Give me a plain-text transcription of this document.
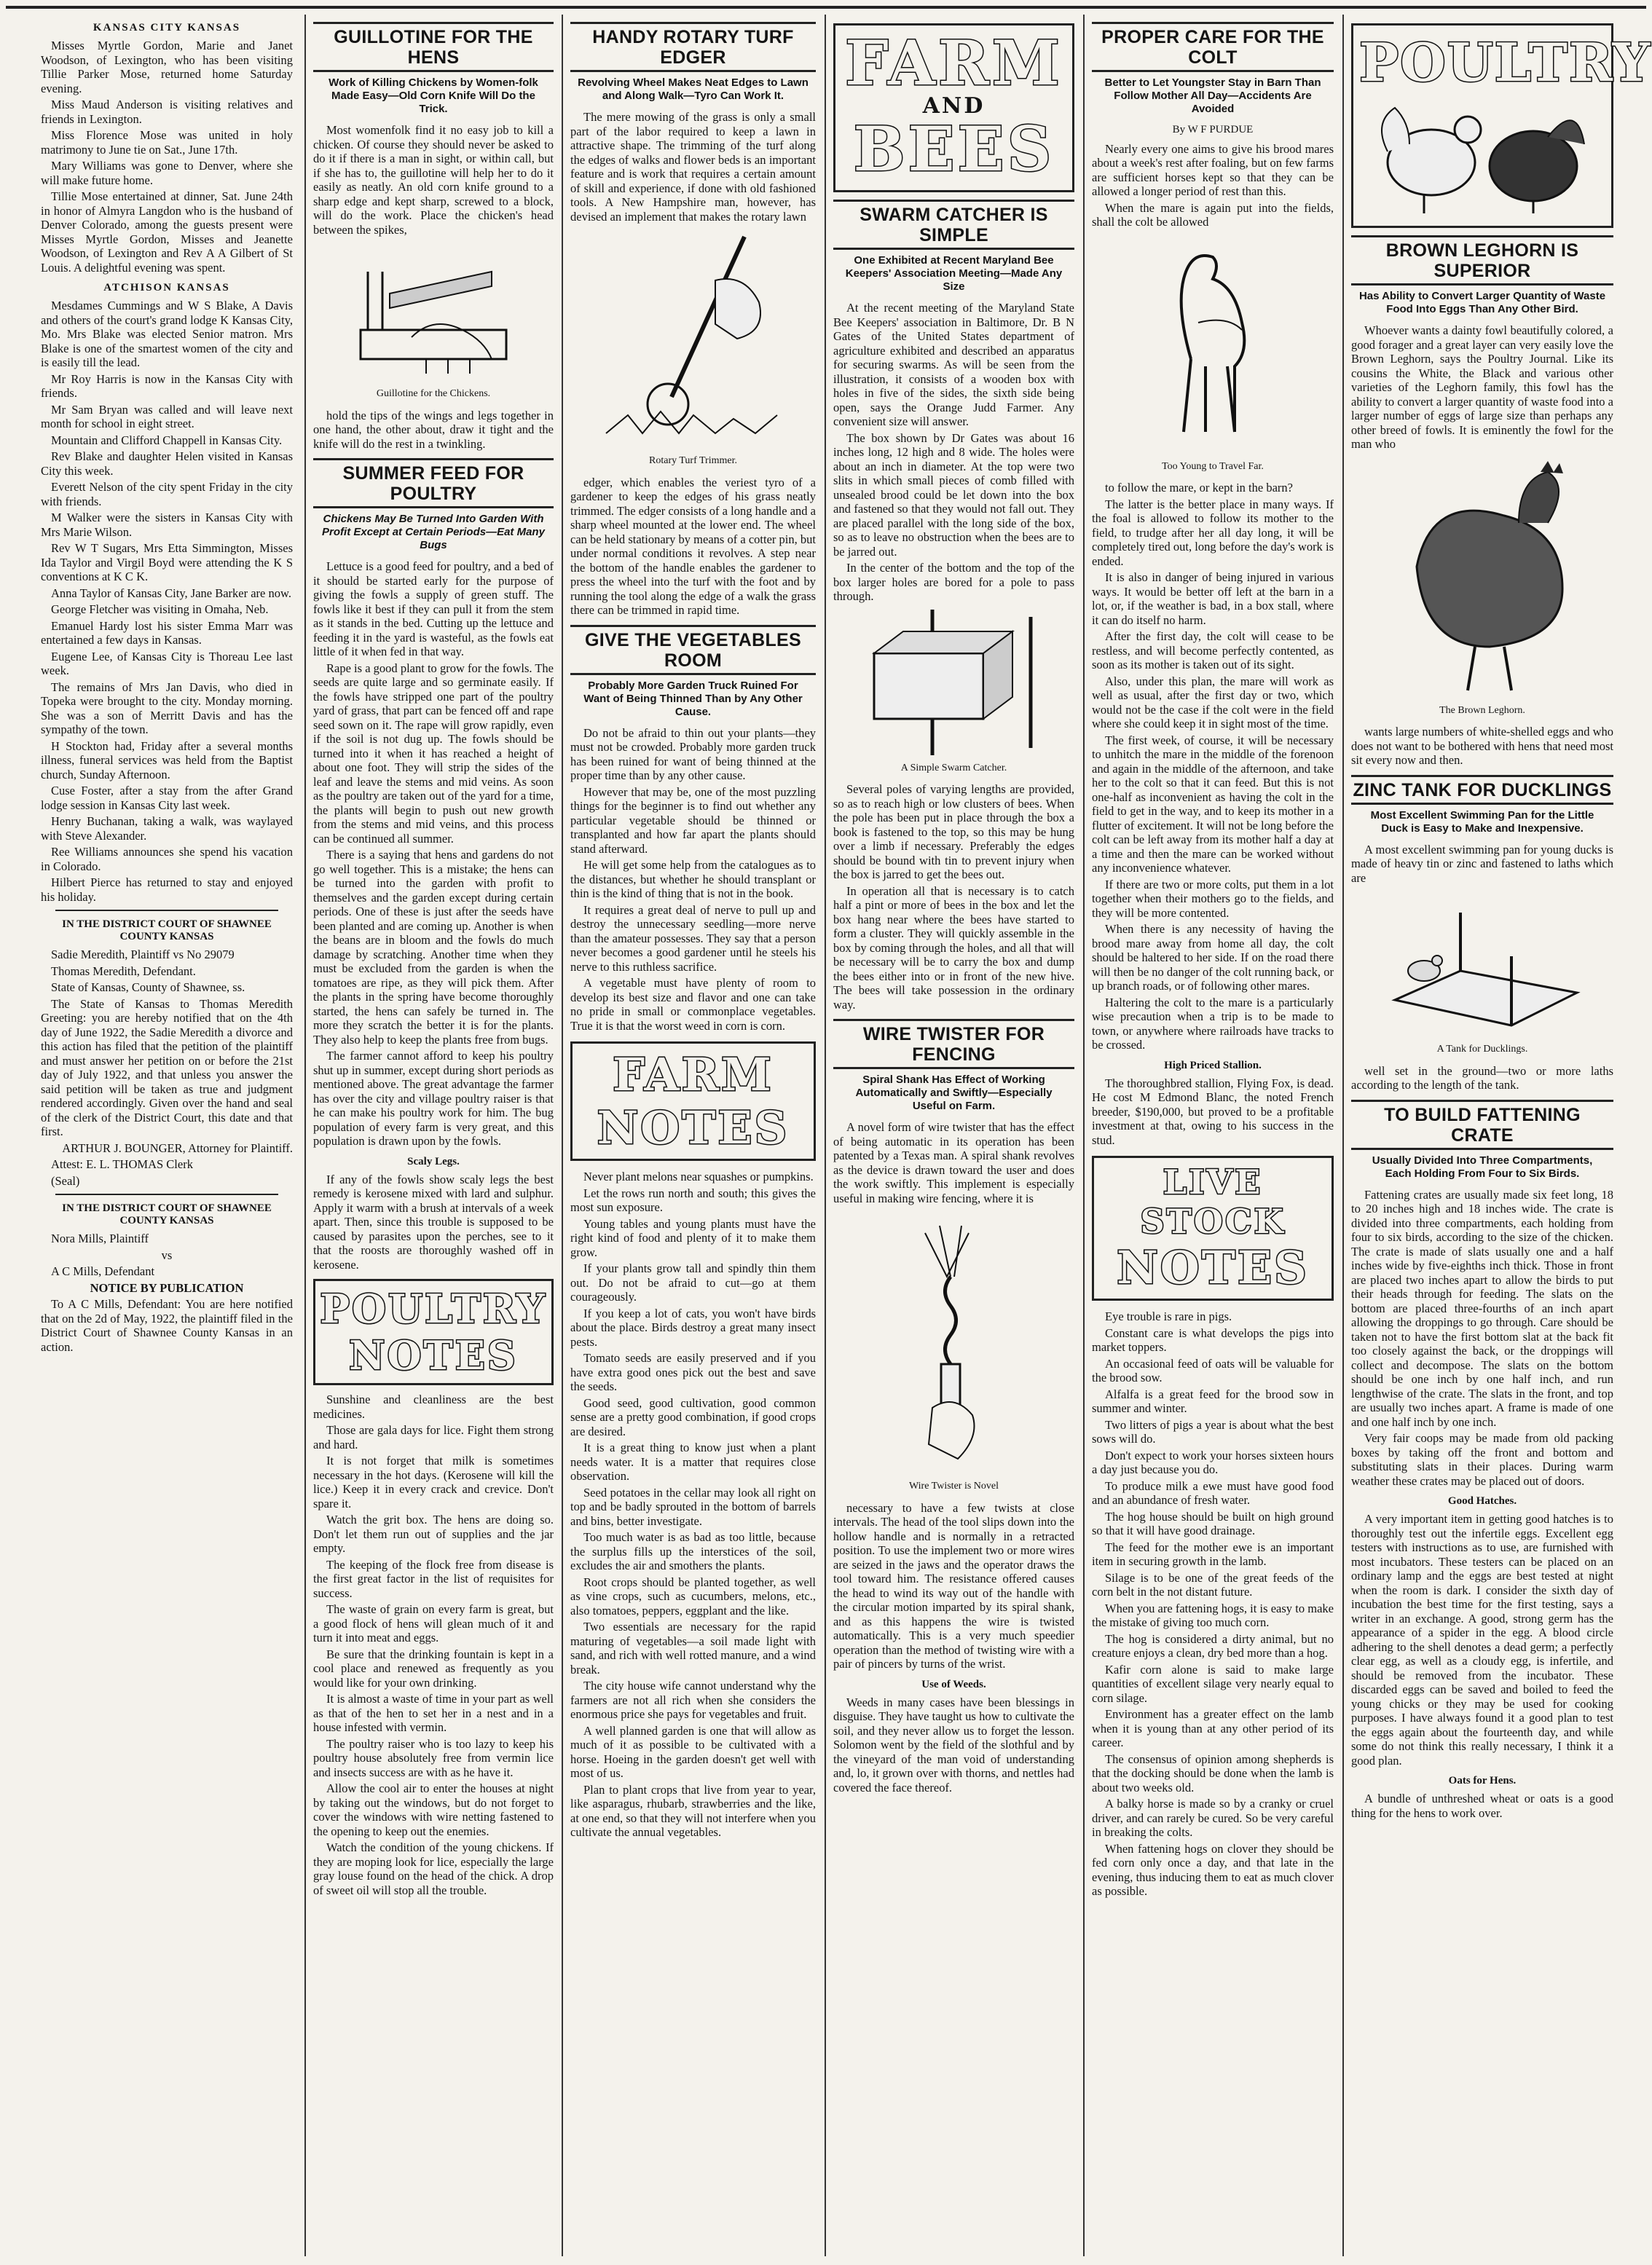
KANSAS CITY KANSAS

Misses Myrtle Gordon, Marie and Janet Woodson, of Lexington, who has been visiting Tillie Parker Mose, returned home Saturday evening.

Miss Maud Anderson is visiting relatives and friends in Lexington.

Miss Florence Mose was united in holy matrimony to June tie on Sat., June 17th.

Mary Williams was gone to Denver, where she will make future home.

Tillie Mose entertained at dinner, Sat. June 24th in honor of Almyra Langdon who is the husband of Denver Colorado, among the guests present were Misses Myrtle Gordon, Misses and Jeanette Woodson, of Lexington and Rev A A Gilbert of St Louis. A delightful evening was spent.

ATCHISON KANSAS

Mesdames Cummings and W S Blake, A Davis and others of the court's grand lodge K Kansas City, Mo. Mrs Blake was elected Senior matron. Mrs Blake is one of the smartest women of the city and is easily till the lead.

Mr Roy Harris is now in the Kansas City with friends.

Mr Sam Bryan was called and will leave next month for school in eight street.

Mountain and Clifford Chappell in Kansas City.

Rev Blake and daughter Helen visited in Kansas City this week.

Everett Nelson of the city spent Friday in the city with friends.

M Walker were the sisters in Kansas City with Mrs Marie Wilson.

Rev W T Sugars, Mrs Etta Simmington, Misses Ida Taylor and Virgil Boyd were attending the K S conventions at K C K.

Anna Taylor of Kansas City, Jane Barker are now.

George Fletcher was visiting in Omaha, Neb.

Emanuel Hardy lost his sister Emma Marr was entertained a few days in Kansas.

Eugene Lee, of Kansas City is Thoreau Lee last week.

The remains of Mrs Jan Davis, who died in Topeka were brought to the city. Monday morning. She was a son of Merritt Davis and has the sympathy of the town.

H Stockton had, Friday after a several months illness, funeral services was held from the Baptist church, Sunday Afternoon.

Cuse Foster, after a stay from the after Grand lodge session in Kansas City last week.

Henry Buchanan, taking a walk, was waylayed with Steve Alexander.

Ree Williams announces she spend his vacation in Colorado.

Hilbert Pierce has returned to stay and enjoyed his holiday.

IN THE DISTRICT COURT OF SHAWNEE COUNTY KANSAS

Sadie Meredith, Plaintiff vs No 29079

Thomas Meredith, Defendant.

State of Kansas, County of Shawnee, ss.

The State of Kansas to Thomas Meredith Greeting: you are hereby notified that on the 4th day of June 1922, the Sadie Meredith a divorce and this action has filed that the petition of the plaintiff and must answer her petition on or before the 21st day of July 1922, and that unless you answer the said petition will be taken as true and judgment rendered accordingly. Given over the hand and seal of the clerk of the District Court, this date and that first.

ARTHUR J. BOUNGER, Attorney for Plaintiff.

Attest: E. L. THOMAS Clerk

(Seal)

IN THE DISTRICT COURT OF SHAWNEE COUNTY KANSAS

Nora Mills, Plaintiff

vs

A C Mills, Defendant

NOTICE BY PUBLICATION

To A C Mills, Defendant: You are here notified that on the 2d of May, 1922, the plaintiff filed in the District Court of Shawnee County Kansas in an action.

GUILLOTINE FOR THE HENS
Work of Killing Chickens by Women-folk Made Easy—Old Corn Knife Will Do the Trick.

Most womenfolk find it no easy job to kill a chicken. Of course they should never be asked to do it if there is a man in sight, or within call, but if she has to, the guillotine will help her to do it easily as neatly. An old corn knife ground to a sharp edge and kept sharp, screwed to a block, will do the work. Place the chicken's head between the spikes,

Guillotine for the Chickens.

hold the tips of the wings and legs together in one hand, the other about, draw it tight and the knife will do the rest in a twinkling.

SUMMER FEED FOR POULTRY
Chickens May Be Turned Into Garden With Profit Except at Certain Periods—Eat Many Bugs

Lettuce is a good feed for poultry, and a bed of it should be started early for the purpose of giving the fowls a supply of green stuff. The fowls like it best if they can pull it from the stem as it stands in the bed. Cutting up the lettuce and feeding it in the yard is wasteful, as the fowls eat little of it when fed in that way.

Rape is a good plant to grow for the fowls. The seeds are quite large and so germinate easily. If the fowls have stripped one part of the poultry yard of grass, that part can be fenced off and rape seed sown on it. The rape will grow rapidly, even if the soil is not dug up. The fowls should be turned into it when it has reached a height of about one foot. They will strip the sides of the leaf and leave the stems and mid veins. As soon as the poultry are taken out of the yard for a time, the plants will begin to push out new growth from the stems and mid veins, and this process can be continued all summer.

There is a saying that hens and gardens do not go well together. This is a mistake; the hens can be turned into the garden with profit to themselves and the garden except during certain periods. One of these is just after the seeds have been planted and are coming up. Another is when the beans are in bloom and the fowls do much damage by scratching. Another time when they must be excluded from the garden is when the tomatoes are ripe, as they will pick them. After the plants in the spring have become thoroughly started, the hens can safely be turned in. The more they scratch the better it is for the plants. They also help to keep the plants free from bugs.

The farmer cannot afford to keep his poultry shut up in summer, except during short periods as mentioned above. The great advantage the farmer has over the city and village poultry raiser is that he can make his poultry work for him. The bug population of every farm is very great, and this population is drawn upon by the fowls.

Scaly Legs.

If any of the fowls show scaly legs the best remedy is kerosene mixed with lard and sulphur. Apply it warm with a brush at intervals of a week apart. Then, since this trouble is supposed to be caused by parasites upon the perches, see to it that the roosts are thoroughly washed off in kerosene.

POULTRY
NOTES

Sunshine and cleanliness are the best medicines.

Those are gala days for lice. Fight them strong and hard.

It is not forget that milk is sometimes necessary in the hot days. (Kerosene will kill the lice.) Keep it in every crack and crevice. Don't spare it.

Watch the grit box. The hens are doing so. Don't let them run out of supplies and the jar empty.

The keeping of the flock free from disease is the first great factor in the list of requisites for success.

The waste of grain on every farm is great, but a good flock of hens will glean much of it and turn it into meat and eggs.

Be sure that the drinking fountain is kept in a cool place and renewed as frequently as you would like for your own drinking.

It is almost a waste of time in your part as well as that of the hen to set her in a nest and in a house infested with vermin.

The poultry raiser who is too lazy to keep his poultry house absolutely free from vermin lice and insects success are with as he have it.

Allow the cool air to enter the houses at night by taking out the windows, but do not forget to cover the windows with wire netting fastened to the opening to keep out the enemies.

Watch the condition of the young chickens. If they are moping look for lice, especially the large gray louse found on the head of the chick. A drop of sweet oil will stop all the trouble.

HANDY ROTARY TURF EDGER
Revolving Wheel Makes Neat Edges to Lawn and Along Walk—Tyro Can Work It.

The mere mowing of the grass is only a small part of the labor required to keep a lawn in attractive shape. The trimming of the turf along the edges of walks and flower beds is an important feature and is work that requires a certain amount of skill and experience, if done with old fashioned tools. A New Hampshire man, however, has devised an implement that makes the rotary lawn

Rotary Turf Trimmer.

edger, which enables the veriest tyro of a gardener to keep the edges of his grass neatly trimmed. The edger consists of a long handle and a sharp wheel mounted at the lower end. The wheel can be held stationary by means of a cotter pin, but under normal conditions it revolves. A step near the bottom of the handle enables the gardener to press the wheel into the turf with the foot and by running the tool along the edge of a walk the grass there can be trimmed in rapid time.

GIVE THE VEGETABLES ROOM
Probably More Garden Truck Ruined For Want of Being Thinned Than by Any Other Cause.

Do not be afraid to thin out your plants—they must not be crowded. Probably more garden truck has been ruined for want of being thinned at the proper time than by any other cause.

However that may be, one of the most puzzling things for the beginner is to find out whether any particular vegetable should be thinned or transplanted and how far apart the plants should stand afterward.

He will get some help from the catalogues as to the distances, but whether he should transplant or thin is the kind of thing that is not in the book.

It requires a great deal of nerve to pull up and destroy the unnecessary seedling—more nerve than the amateur possesses. They say that a person never becomes a good gardener until he steels his nerve to this ruthless sacrifice.

A vegetable must have plenty of room to develop its best size and flavor and one can take no pride in small or commonplace vegetables. True it is that the worst weed in corn is corn.

FARM
NOTES

Never plant melons near squashes or pumpkins.

Let the rows run north and south; this gives the most sun exposure.

Young tables and young plants must have the right kind of food and plenty of it to make them grow.

If your plants grow tall and spindly thin them out. Do not be afraid to cut—go at them courageously.

If you keep a lot of cats, you won't have birds about the place. Birds destroy a great many insect pests.

Tomato seeds are easily preserved and if you have extra good ones pick out the best and save the seeds.

Good seed, good cultivation, good common sense are a pretty good combination, if good crops are desired.

It is a great thing to know just when a plant needs water. It is a matter that requires close observation.

Seed potatoes in the cellar may look all right on top and be badly sprouted in the bottom of barrels and bins, better investigate.

Too much water is as bad as too little, because the surplus fills up the interstices of the soil, excludes the air and smothers the plants.

Root crops should be planted together, as well as vine crops, such as cucumbers, melons, etc., also tomatoes, peppers, eggplant and the like.

Two essentials are necessary for the rapid maturing of vegetables—a soil made light with sand, and rich with well rotted manure, and a wind break.

The city house wife cannot understand why the farmers are not all rich when she considers the enormous price she pays for vegetables and fruit.

A well planned garden is one that will allow as much of it as possible to be cultivated with a horse. Hoeing in the garden doesn't get well with most of us.

Plan to plant crops that live from year to year, like asparagus, rhubarb, strawberries and the like, at one end, so that they will not interfere when you cultivate the annual vegetables.

FARM
AND
BEES
SWARM CATCHER IS SIMPLE
One Exhibited at Recent Maryland Bee Keepers' Association Meeting—Made Any Size

At the recent meeting of the Maryland State Bee Keepers' association in Baltimore, Dr. B N Gates of the United States department of agriculture exhibited and described an apparatus for securing swarms. As will be seen from the illustration, it consists of a wooden box with holes in five of the sides, the sixth side being open, says the Orange Judd Farmer. Any convenient size will answer.

The box shown by Dr Gates was about 16 inches long, 12 high and 8 wide. The holes were about an inch in diameter. At the top were two slits in which small pieces of comb filled with unsealed brood could be let down into the box and fastened so that they would not fall out. They are placed parallel with the long side of the box, so as to leave no obstruction when the bees are to be jarred out.

In the center of the bottom and the top of the box larger holes are bored for a pole to pass through.

A Simple Swarm Catcher.

Several poles of varying lengths are provided, so as to reach high or low clusters of bees. When the pole has been put in place through the box a book is fastened to the top, so this may be hung over a limb if necessary. Preferably the edges should be bound with tin to prevent injury when the box is jarred to get the bees out.

In operation all that is necessary is to catch half a pint or more of bees in the box and let the box hang near where the bees have started to form a cluster. They will quickly assemble in the box by coming through the holes, and all that will be necessary will be to carry the box and dump the bees either into or in front of the new hive. The bees will take possession in the ordinary way.

WIRE TWISTER FOR FENCING
Spiral Shank Has Effect of Working Automatically and Swiftly—Especially Useful on Farm.

A novel form of wire twister that has the effect of being automatic in its operation has been patented by a Texas man. A spiral shank revolves as the device is drawn toward the user and does the work swiftly. This implement is especially useful in making wire fencing, where it is

Wire Twister is Novel

necessary to have a few twists at close intervals. The head of the tool slips down into the hollow handle and is normally in a retracted position. To use the implement two or more wires are seized in the jaws and the operator draws the tool toward him. The resistance offered causes the head to wind its way out of the handle with the circular motion imparted by its spiral shank, and as this happens the wire is twisted automatically. This is a very much speedier operation than the method of twisting wire with a pair of pincers by turns of the wrist.

Use of Weeds.

Weeds in many cases have been blessings in disguise. They have taught us how to cultivate the soil, and they never allow us to forget the lesson. Solomon went by the field of the slothful and by the vineyard of the man void of understanding and, lo, it grown over with thorns, and nettles had covered the face thereof.

PROPER CARE FOR THE COLT
Better to Let Youngster Stay in Barn Than Follow Mother All Day—Accidents Are Avoided

By W F PURDUE

Nearly every one aims to give his brood mares about a week's rest after foaling, but on few farms are sufficient horses kept so that they can be allowed a longer period of rest than this.

When the mare is again put into the fields, shall the colt be allowed

Too Young to Travel Far.

to follow the mare, or kept in the barn?

The latter is the better place in many ways. If the foal is allowed to follow its mother to the field, to trudge after her all day long, it will be completely tired out, long before the day's work is ended.

It is also in danger of being injured in various ways. It would be better off left at the barn in a lot, or, if the weather is bad, in a box stall, where it can do itself no harm.

After the first day, the colt will cease to be restless, and will become perfectly contented, as soon as its mother is taken out of its sight.

Also, under this plan, the mare will work as well as usual, after the first day or two, which would not be the case if the colt were in the field where she could keep it in sight most of the time.

The first week, of course, it will be necessary to unhitch the mare in the middle of the forenoon and again in the middle of the afternoon, and take her to the colt so that it can feed. But this is not one-half as inconvenient as having the colt in the field to get in the way, and to keep its mother in a flutter of excitement. It will not be long before the colt can be left away from its mother half a day at a time and then the mare can be worked without any inconvenience whatever.

If there are two or more colts, put them in a lot together when their mothers go to the fields, and they will be more contented.

When there is any necessity of having the brood mare away from home all day, the colt should be haltered to her side. If on the road there will then be no danger of the colt running back, or up branch roads, or of following other mares.

Haltering the colt to the mare is a particularly wise precaution when a trip is to be made to town, or anywhere where railroads have tracks to be crossed.

High Priced Stallion.

The thoroughbred stallion, Flying Fox, is dead. He cost M Edmond Blanc, the noted French breeder, $190,000, but proved to be a profitable investment at that, owing to his success in the stud.

LIVE STOCK
NOTES

Eye trouble is rare in pigs.

Constant care is what develops the pigs into market toppers.

An occasional feed of oats will be valuable for the brood sow.

Alfalfa is a great feed for the brood sow in summer and winter.

Two litters of pigs a year is about what the best sows will do.

Don't expect to work your horses sixteen hours a day just because you do.

To produce milk a ewe must have good food and an abundance of fresh water.

The hog house should be built on high ground so that it will have good drainage.

The feed for the mother ewe is an important item in securing growth in the lamb.

Silage is to be one of the great feeds of the corn belt in the not distant future.

When you are fattening hogs, it is easy to make the mistake of giving too much corn.

The hog is considered a dirty animal, but no creature enjoys a clean, dry bed more than a hog.

Kafir corn alone is said to make large quantities of excellent silage very nearly equal to corn silage.

Environment has a greater effect on the lamb when it is young than at any other period of its career.

The consensus of opinion among shepherds is that the docking should be done when the lamb is about two weeks old.

A balky horse is made so by a cranky or cruel driver, and can rarely be cured. So be very careful in breaking the colts.

When fattening hogs on clover they should be fed corn only once a day, and that late in the evening, thus inducing them to eat as much clover as possible.

POULTRY
BROWN LEGHORN IS SUPERIOR
Has Ability to Convert Larger Quantity of Waste Food Into Eggs Than Any Other Bird.

Whoever wants a dainty fowl beautifully colored, a good forager and a great layer can very easily love the Brown Leghorn, says the Poultry Journal. Like its cousins the White, the Black and various other varieties of the Leghorn family, this fowl has the ability to convert a larger quantity of waste food into a larger number of eggs of large size than perhaps any other breed of fowls. It is eminently the fowl for the man who

The Brown Leghorn.

wants large numbers of white-shelled eggs and who does not want to be bothered with hens that need most sit every now and then.

ZINC TANK FOR DUCKLINGS
Most Excellent Swimming Pan for the Little Duck is Easy to Make and Inexpensive.

A most excellent swimming pan for young ducks is made of heavy tin or zinc and fastened to laths which are

A Tank for Ducklings.

well set in the ground—two or more laths according to the length of the tank.

TO BUILD FATTENING CRATE
Usually Divided Into Three Compartments, Each Holding From Four to Six Birds.

Fattening crates are usually made six feet long, 18 to 20 inches high and 18 inches wide. The crate is divided into three compartments, each holding from four to six birds, according to the size of the chicken. The crate is made of slats usually one and a half inches wide by five-eighths inch thick. Those in front are placed two inches apart to allow the birds to put their heads through for feeding. The slats on the bottom are placed three-fourths of an inch apart allowing the droppings to go through. Care should be taken not to have the first bottom slat at the back fit too closely against the back, or the droppings will collect and decompose. The slats on the bottom should be one inch by one half inch, and run lengthwise of the crate. The slats in the front, and top are usually two inches apart. A frame is made of one and one half inch by one inch.

Very fair coops may be made from old packing boxes by taking off the front and bottom and substituting slats in their places. During warm weather these crates may be placed out of doors.

Good Hatches.

A very important item in getting good hatches is to thoroughly test out the infertile eggs. Excellent egg testers with instructions as to use, are furnished with most incubators. These testers can be placed on an ordinary lamp and the eggs are best tested at night when the room is dark. I consider the sixth day of incubation the best time for the first testing, says a writer in an exchange. A good, strong germ has the appearance of a spider in the egg. A blood circle adhering to the shell denotes a dead germ; a perfectly clear egg, as well as a cloudy egg, is infertile, and should be removed from the incubator. These discarded eggs can be saved and boiled to feed the young chicks or they may be used for cooking purposes. I have always found it a good plan to test the eggs again about the fourteenth day, and while some do not think this really necessary, I think it a good plan.

Oats for Hens.

A bundle of unthreshed wheat or oats is a good thing for the hens to work over.
